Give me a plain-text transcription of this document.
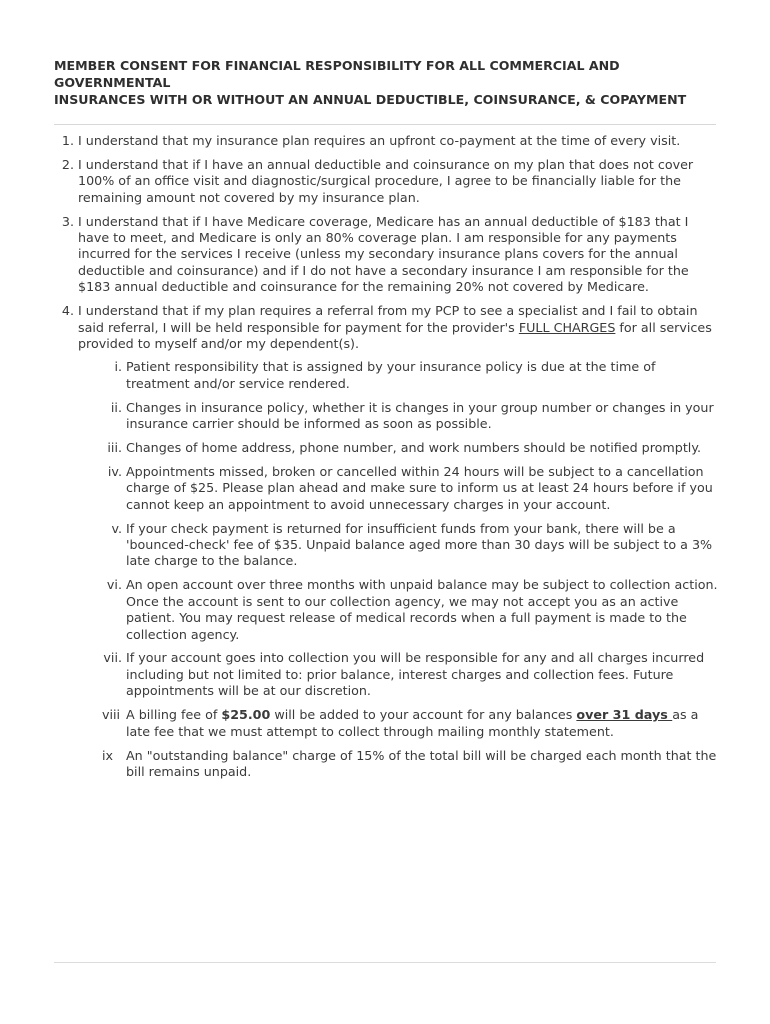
MEMBER CONSENT FOR FINANCIAL RESPONSIBILITY FOR ALL COMMERCIAL AND GOVERNMENTAL
INSURANCES WITH OR WITHOUT AN ANNUAL DEDUCTIBLE, COINSURANCE, & COPAYMENT
1. I understand that my insurance plan requires an upfront co-payment at the time of every visit.
2. I understand that if I have an annual deductible and coinsurance on my plan that does not cover 100% of an office visit and diagnostic/surgical procedure, I agree to be financially liable for the remaining amount not covered by my insurance plan.
3. I understand that if I have Medicare coverage, Medicare has an annual deductible of $183 that I have to meet, and Medicare is only an 80% coverage plan. I am responsible for any payments incurred for the services I receive (unless my secondary insurance plans covers for the annual deductible and coinsurance) and if I do not have a secondary insurance I am responsible for the $183 annual deductible and coinsurance for the remaining 20% not covered by Medicare.
4. I understand that if my plan requires a referral from my PCP to see a specialist and I fail to obtain said referral, I will be held responsible for payment for the provider's FULL CHARGES for all services provided to myself and/or my dependent(s).
i. Patient responsibility that is assigned by your insurance policy is due at the time of treatment and/or service rendered.
ii. Changes in insurance policy, whether it is changes in your group number or changes in your insurance carrier should be informed as soon as possible.
iii. Changes of home address, phone number, and work numbers should be notified promptly.
iv. Appointments missed, broken or cancelled within 24 hours will be subject to a cancellation charge of $25. Please plan ahead and make sure to inform us at least 24 hours before if you cannot keep an appointment to avoid unnecessary charges in your account.
v. If your check payment is returned for insufficient funds from your bank, there will be a 'bounced-check' fee of $35. Unpaid balance aged more than 30 days will be subject to a 3% late charge to the balance.
vi. An open account over three months with unpaid balance may be subject to collection action. Once the account is sent to our collection agency, we may not accept you as an active patient. You may request release of medical records when a full payment is made to the collection agency.
vii. If your account goes into collection you will be responsible for any and all charges incurred including but not limited to: prior balance, interest charges and collection fees. Future appointments will be at our discretion.
viii A billing fee of $25.00 will be added to your account for any balances over 31 days as a late fee that we must attempt to collect through mailing monthly statement.
ix An "outstanding balance" charge of 15% of the total bill will be charged each month that the bill remains unpaid.
